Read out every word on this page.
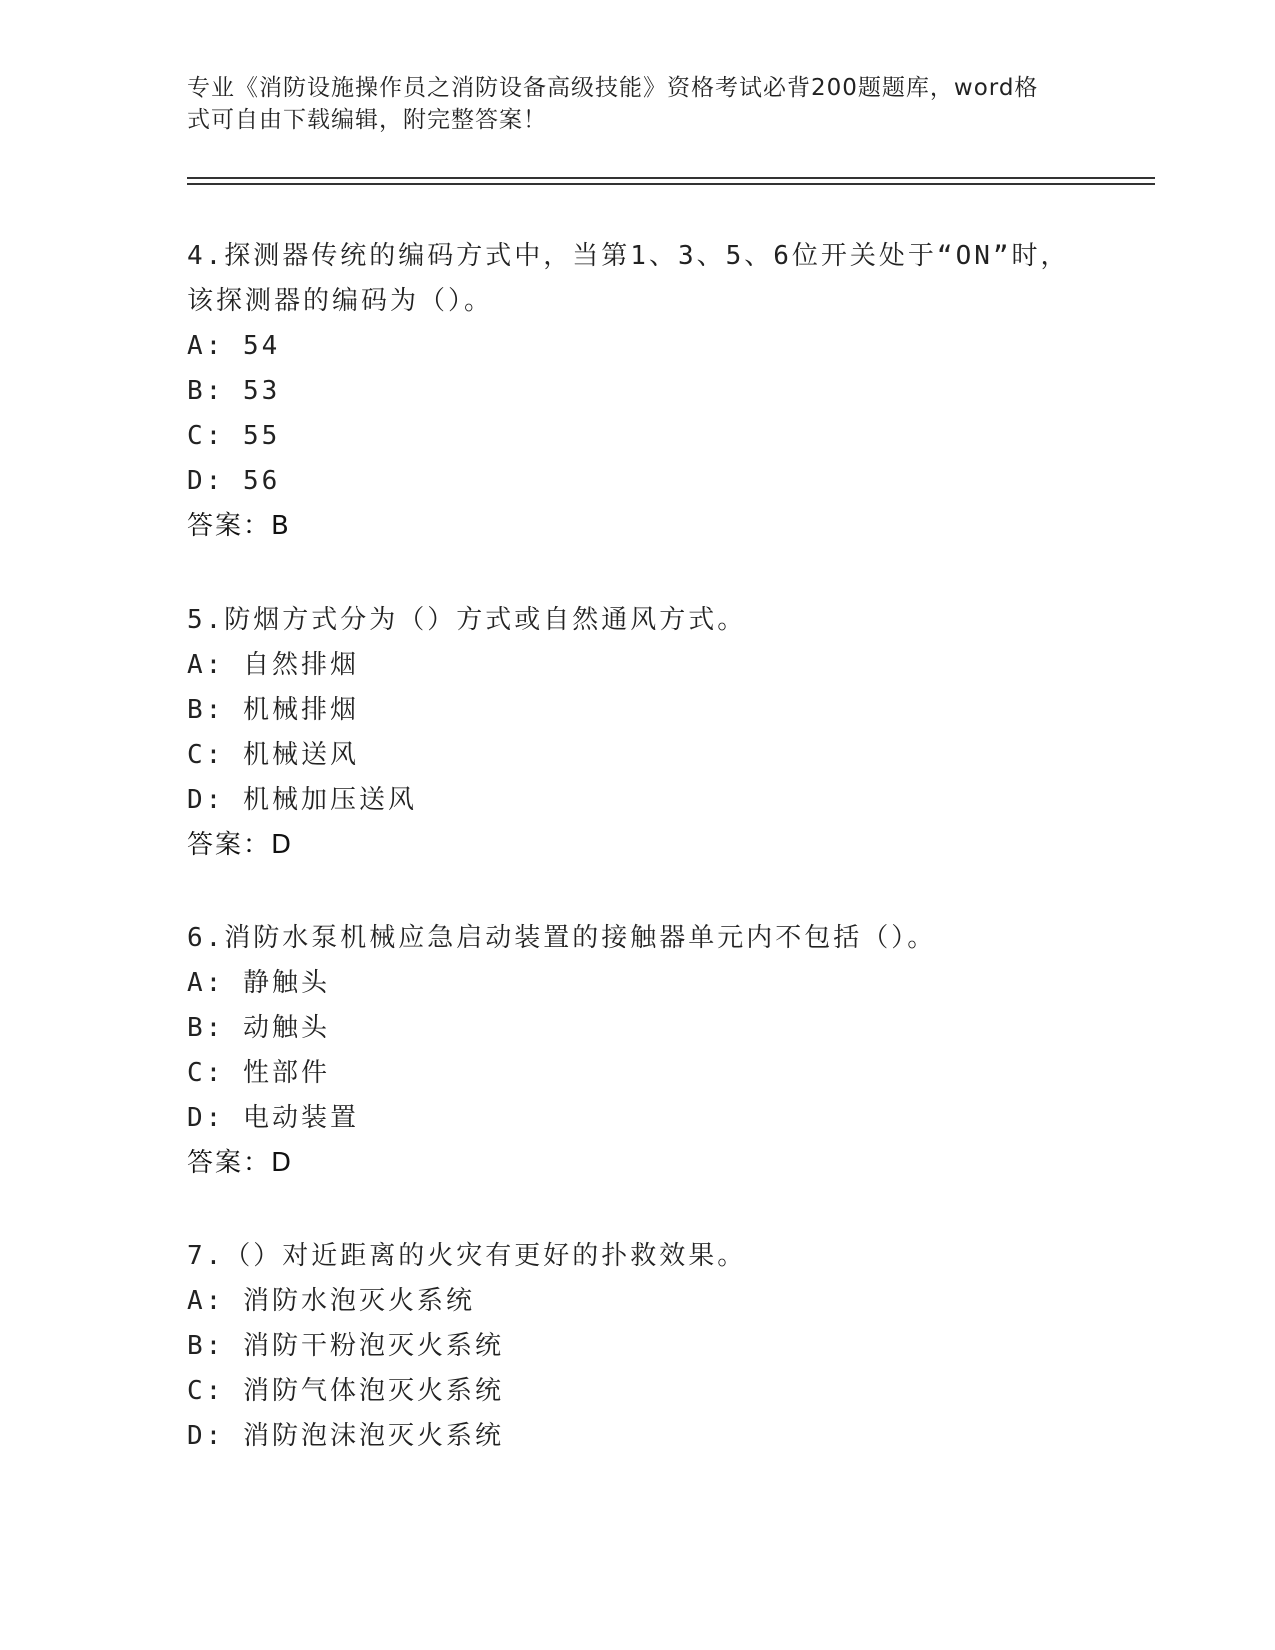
专业《消防设施操作员之消防设备高级技能》资格考试必背200题题库，word格
式可自由下载编辑，附完整答案！

4.探测器传统的编码方式中，当第1、3、5、6位开关处于“ON”时，

该探测器的编码为（）。

A: 54

B: 53

C: 55

D: 56

答案：B

5.防烟方式分为（）方式或自然通风方式。

A: 自然排烟

B: 机械排烟

C: 机械送风

D: 机械加压送风

答案：D

6.消防水泵机械应急启动装置的接触器单元内不包括（）。

A: 静触头

B: 动触头

C: 性部件

D: 电动装置

答案：D

7.（）对近距离的火灾有更好的扑救效果。

A: 消防水泡灭火系统

B: 消防干粉泡灭火系统

C: 消防气体泡灭火系统

D: 消防泡沫泡灭火系统
